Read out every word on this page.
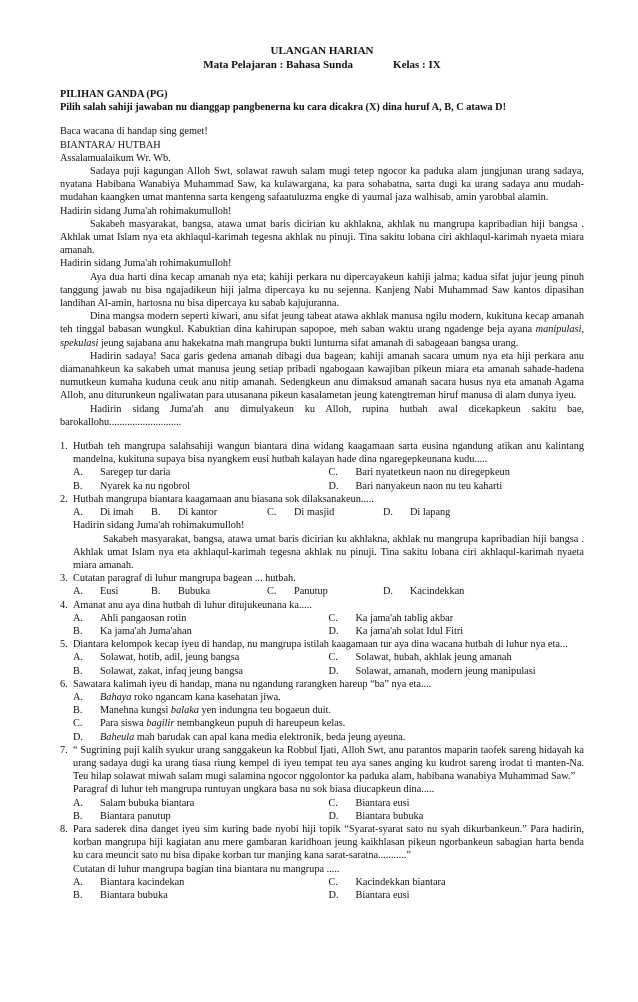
ULANGAN HARIAN
Mata Pelajaran : Bahasa Sunda	Kelas : IX
PILIHAN GANDA (PG)
Pilih salah sahiji jawaban nu dianggap pangbenerna ku cara dicakra (X) dina huruf A, B, C atawa D!
Baca wacana di handap sing gemet!
BIANTARA/ HUTBAH
Assalamualaikum Wr. Wb.
Sadaya puji kagungan Alloh Swt, solawat rawuh salam mugi tetep ngocor ka paduka alam jungjunan urang sadaya, nyatana Habibana Wanabiya Muhammad Saw, ka kulawargana, ka para sohabatna, sarta dugi ka urang sadaya anu mudah-mudahan kaangken umat mantenna sarta kengeng safaatuluzma engke di yaumal jaza walhisab, amin yarobbal alamin.
Hadirin sidang Juma'ah rohimakumulloh!
Sakabeh masyarakat, bangsa, atawa umat baris dicirian ku akhlakna, akhlak nu mangrupa kapribadian hiji bangsa . Akhlak umat Islam nya eta akhlaqul-karimah tegesna akhlak nu pinuji. Tina sakitu lobana ciri akhlaqul-karimah nyaeta miara amanah.
Hadirin sidang Juma'ah rohimakumulloh!
Aya dua harti dina kecap amanah nya eta; kahiji perkara nu dipercayakeun kahiji jalma; kadua sifat jujur jeung pinuh tanggung jawab nu bisa ngajadikeun hiji jalma dipercaya ku nu sejenna. Kanjeng Nabi Muhammad Saw kantos dipasihan landihan Al-amin, hartosna nu bisa dipercaya ku sabab kajujuranna.
Dina mangsa modern seperti kiwari, anu sifat jeung tabeat atawa akhlak manusa ngilu modern, kukituna kecap amanah teh tinggal babasan wungkul. Kabuktian dina kahirupan sapopoe, meh saban waktu urang ngadenge beja ayana manipulasi, spekulasi jeung sajabana anu hakekatna mah mangrupa bukti lunturna sifat amanah di sabageaan bangsa urang.
Hadirin sadaya! Saca garis gedena amanah dibagi dua bagean; kahiji amanah sacara umum nya eta hiji perkara anu diamanahkeun ka sakabeh umat manusa jeung setiap pribadi ngabogaan kawajiban pikeun miara eta amanah sahade-hadena numutkeun kumaha kuduna ceuk anu nitip amanah. Sedengkeun anu dimaksud amanah sacara husus nya eta amanah Agama Alloh, anu diturunkeun ngaliwatan para utusanana pikeun kasalametan jeung katengtreman hiruf manusa di alam dunya iyeu.
Hadirin sidang Juma'ah anu dimulyakeun ku Alloh, rupina hutbah awal dicekapkeun sakitu bae, barokallohu............................
1. Hutbah teh mangrupa salahsahiji wangun biantara dina widang kaagamaan sarta eusina ngandung atikan anu kalintang mandelna, kukituna supaya bisa nyangkem eusi hutbah kalayan hade dina ngaregepkeunana kudu.....
A.	Saregep tur daria	C.	Bari nyatetkeun naon nu diregepkeun
B.	Nyarek ka nu ngobrol	D.	Bari nanyakeun naon nu teu kaharti
2. Hutbah mangrupa biantara kaagamaan anu biasana sok dilaksanakeun.....
A.	Di imah B.	Di kantor	C.	Di masjid	D.	Di lapang
Hadirin sidang Juma'ah rohimakumulloh!
Sakabeh masyarakat, bangsa, atawa umat baris dicirian ku akhlakna, akhlak nu mangrupa kapribadian hiji bangsa . Akhlak umat Islam nya eta akhlaqul-karimah tegesna akhlak nu pinuji. Tina sakitu lobana ciri akhlaqul-karimah nyaeta miara amanah.
3. Cutatan paragraf di luhur mangrupa bagean ... hutbah.
A.	Eusi	B.	Bubuka	C.	Panutup	D.	Kacindekkan
4. Amanat anu aya dina hutbah di luhur ditujukeunana ka.....
A.	Ahli pangaosan rotin	C.	Ka jama'ah tablig akbar
B.	Ka jama'ah Juma'ahan	D.	Ka jama'ah solat Idul Fitri
5. Diantara kelompok kecap iyeu di handap, nu mangrupa istilah kaagamaan tur aya dina wacana hutbah di luhur nya eta...
A.	Solawat, hotib, adil, jeung bangsa	C.	Solawat, hubah, akhlak jeung amanah
B.	Solawat, zakat, infaq jeung bangsa	D.	Solawat, amanah, modern jeung manipulasi
6. Sawatara kalimah iyeu di handap, mana nu ngandung rarangken hareup “ba” nya eta....
A.	Bahaya roko ngancam kana kasehatan jiwa.
B.	Manehna kungsi balaka yen indungna teu bogaeun duit.
C.	Para siswa bagilir nembangkeun pupuh di hareupeun kelas.
D.	Baheula mah barudak can apal kana media elektronik, beda jeung ayeuna.
7. “ Sugrining puji kalih syukur urang sanggakeun ka Robbul Ijati, Alloh Swt, anu parantos maparin taofek sareng hidayah ka urang sadaya dugi ka urang tiasa riung kempel di iyeu tempat teu aya sanes anging ku kudrot sareng irodat ti manten-Na. Teu hilap solawat miwah salam mugi salamina ngocor nggolontor ka paduka alam, habibana wanabiya Muhammad Saw.”
Paragraf di luhur teh mangrupa runtuyan ungkara basa nu sok biasa diucapkeun dina.....
A.	Salam bubuka biantara	C.	Biantara eusi
B.	Biantara panutup	D.	Biantara bubuka
8. Para saderek dina danget iyeu sim kuring bade nyobi hiji topik “Syarat-syarat sato nu syah dikurbankeun.” Para hadirin, korban mangrupa hiji kagiatan anu mere gambaran karidhoan jeung kaikhlasan pikeun ngorbankeun sabagian harta benda ku cara meuncit sato nu bisa dipake korban tur manjing kana sarat-saratna...........”
Cutatan di luhur mangrupa bagian tina biantara nu mangrupa .....
A.	Biantara kacindekan	C.	Kacindekkan biantara
B.	Biantara bubuka	D.	Biantara eusi
